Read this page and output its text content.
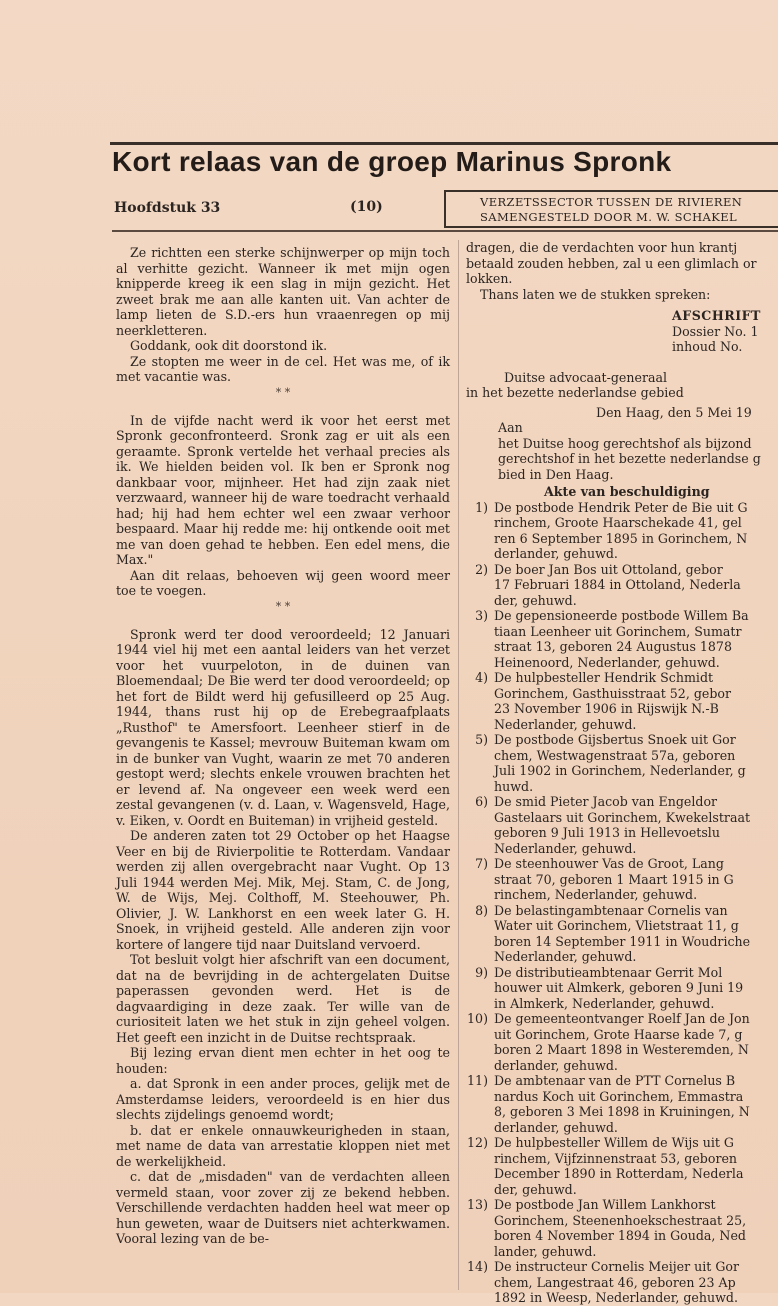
Kort relaas van de groep Marinus Spronk
Hoofdstuk 33	(10)	VERZETSSECTOR TUSSEN DE RIVIEREN
SAMENGESTELD DOOR M. W. SCHAKEL

Ze richtten een sterke schijnwerper op mijn toch al verhitte gezicht. Wanneer ik met mijn ogen knipperde kreeg ik een slag in mijn gezicht. Het zweet brak me aan alle kanten uit. Van achter de lamp lieten de S.D.-ers hun vraaenregen op mij neerkletteren.

Goddank, ook dit doorstond ik.

Ze stopten me weer in de cel. Het was me, of ik met vacantie was.

* *

In de vijfde nacht werd ik voor het eerst met Spronk geconfronteerd. Sronk zag er uit als een geraamte. Spronk vertelde het verhaal precies als ik. We hielden beiden vol. Ik ben er Spronk nog dankbaar voor, mijnheer. Het had zijn zaak niet verzwaard, wanneer hij de ware toedracht verhaald had; hij had hem echter wel een zwaar verhoor bespaard. Maar hij redde me: hij ontkende ooit met me van doen gehad te hebben. Een edel mens, die Max."

Aan dit relaas, behoeven wij geen woord meer toe te voegen.

* *

Spronk werd ter dood veroordeeld; 12 Januari 1944 viel hij met een aantal leiders van het verzet voor het vuurpeloton, in de duinen van Bloemendaal; De Bie werd ter dood veroordeeld; op het fort de Bildt werd hij gefusilleerd op 25 Aug. 1944, thans rust hij op de Erebegraafplaats „Rusthof" te Amersfoort. Leenheer stierf in de gevangenis te Kassel; mevrouw Buiteman kwam om in de bunker van Vught, waarin ze met 70 anderen gestopt werd; slechts enkele vrouwen brachten het er levend af. Na ongeveer een week werd een zestal gevangenen (v. d. Laan, v. Wagensveld, Hage, v. Eiken, v. Oordt en Buiteman) in vrijheid gesteld.

De anderen zaten tot 29 October op het Haagse Veer en bij de Rivierpolitie te Rotterdam. Vandaar werden zij allen overgebracht naar Vught. Op 13 Juli 1944 werden Mej. Mik, Mej. Stam, C. de Jong, W. de Wijs, Mej. Colthoff, M. Steehouwer, Ph. Olivier, J. W. Lankhorst en een week later G. H. Snoek, in vrijheid gesteld. Alle anderen zijn voor kortere of langere tijd naar Duitsland vervoerd.

Tot besluit volgt hier afschrift van een document, dat na de bevrijding in de achtergelaten Duitse paperassen gevonden werd. Het is de dagvaardiging in deze zaak. Ter wille van de curiositeit laten we het stuk in zijn geheel volgen. Het geeft een inzicht in de Duitse rechtspraak.

Bij lezing ervan dient men echter in het oog te houden:

a. dat Spronk in een ander proces, gelijk met de Amsterdamse leiders, veroordeeld is en hier dus slechts zijdelings genoemd wordt;

b. dat er enkele onnauwkeurigheden in staan, met name de data van arrestatie kloppen niet met de werkelijkheid.

c. dat de „misdaden" van de verdachten alleen vermeld staan, voor zover zij ze bekend hebben. Verschillende verdachten hadden heel wat meer op hun geweten, waar de Duitsers niet achterkwamen. Vooral lezing van de be-

dragen, die de verdachten voor hun krantj

betaald zouden hebben, zal u een glimlach or

lokken.

Thans laten we de stukken spreken:

AFSCHRIFT

Dossier No. 1

inhoud No.

Duitse advocaat-generaal

in het bezette nederlandse gebied

Den Haag, den 5 Mei 19

Aan

het Duitse hoog gerechtshof als bijzond

gerechtshof in het bezette nederlandse g

bied in Den Haag.

Akte van beschuldiging

1) De postbode Hendrik Peter de Bie uit G
rinchem, Groote Haarschekade 41, gel
ren 6 September 1895 in Gorinchem, N
derlander, gehuwd.
2) De boer Jan Bos uit Ottoland, gebor
17 Februari 1884 in Ottoland, Nederla
der, gehuwd.
3) De gepensioneerde postbode Willem Ba
tiaan Leenheer uit Gorinchem, Sumatr
straat 13, geboren 24 Augustus 1878
Heinenoord, Nederlander, gehuwd.
4) De hulpbesteller Hendrik Schmidt
Gorinchem, Gasthuisstraat 52, gebor
23 November 1906 in Rijswijk N.-B
Nederlander, gehuwd.
5) De postbode Gijsbertus Snoek uit Gor
chem, Westwagenstraat 57a, geboren
Juli 1902 in Gorinchem, Nederlander, g
huwd.
6) De smid Pieter Jacob van Engeldor
Gastelaars uit Gorinchem, Kwekelstraat
geboren 9 Juli 1913 in Hellevoetslu
Nederlander, gehuwd.
7) De steenhouwer Vas de Groot, Lang
straat 70, geboren 1 Maart 1915 in G
rinchem, Nederlander, gehuwd.
8) De belastingambtenaar Cornelis van
Water uit Gorinchem, Vlietstraat 11, g
boren 14 September 1911 in Woudriche
Nederlander, gehuwd.
9) De distributieambtenaar Gerrit Mol
houwer uit Almkerk, geboren 9 Juni 19
in Almkerk, Nederlander, gehuwd.
10) De gemeenteontvanger Roelf Jan de Jon
uit Gorinchem, Grote Haarse kade 7, g
boren 2 Maart 1898 in Westeremden, N
derlander, gehuwd.
11) De ambtenaar van de PTT Cornelus B
nardus Koch uit Gorinchem, Emmastra
8, geboren 3 Mei 1898 in Kruiningen, N
derlander, gehuwd.
12) De hulpbesteller Willem de Wijs uit G
rinchem, Vijfzinnenstraat 53, geboren
December 1890 in Rotterdam, Nederla
der, gehuwd.
13) De postbode Jan Willem Lankhorst
Gorinchem, Steenenhoekschestraat 25,
boren 4 November 1894 in Gouda, Ned
lander, gehuwd.
14) De instructeur Cornelis Meijer uit Gor
chem, Langestraat 46, geboren 23 Ap
1892 in Weesp, Nederlander, gehuwd.
